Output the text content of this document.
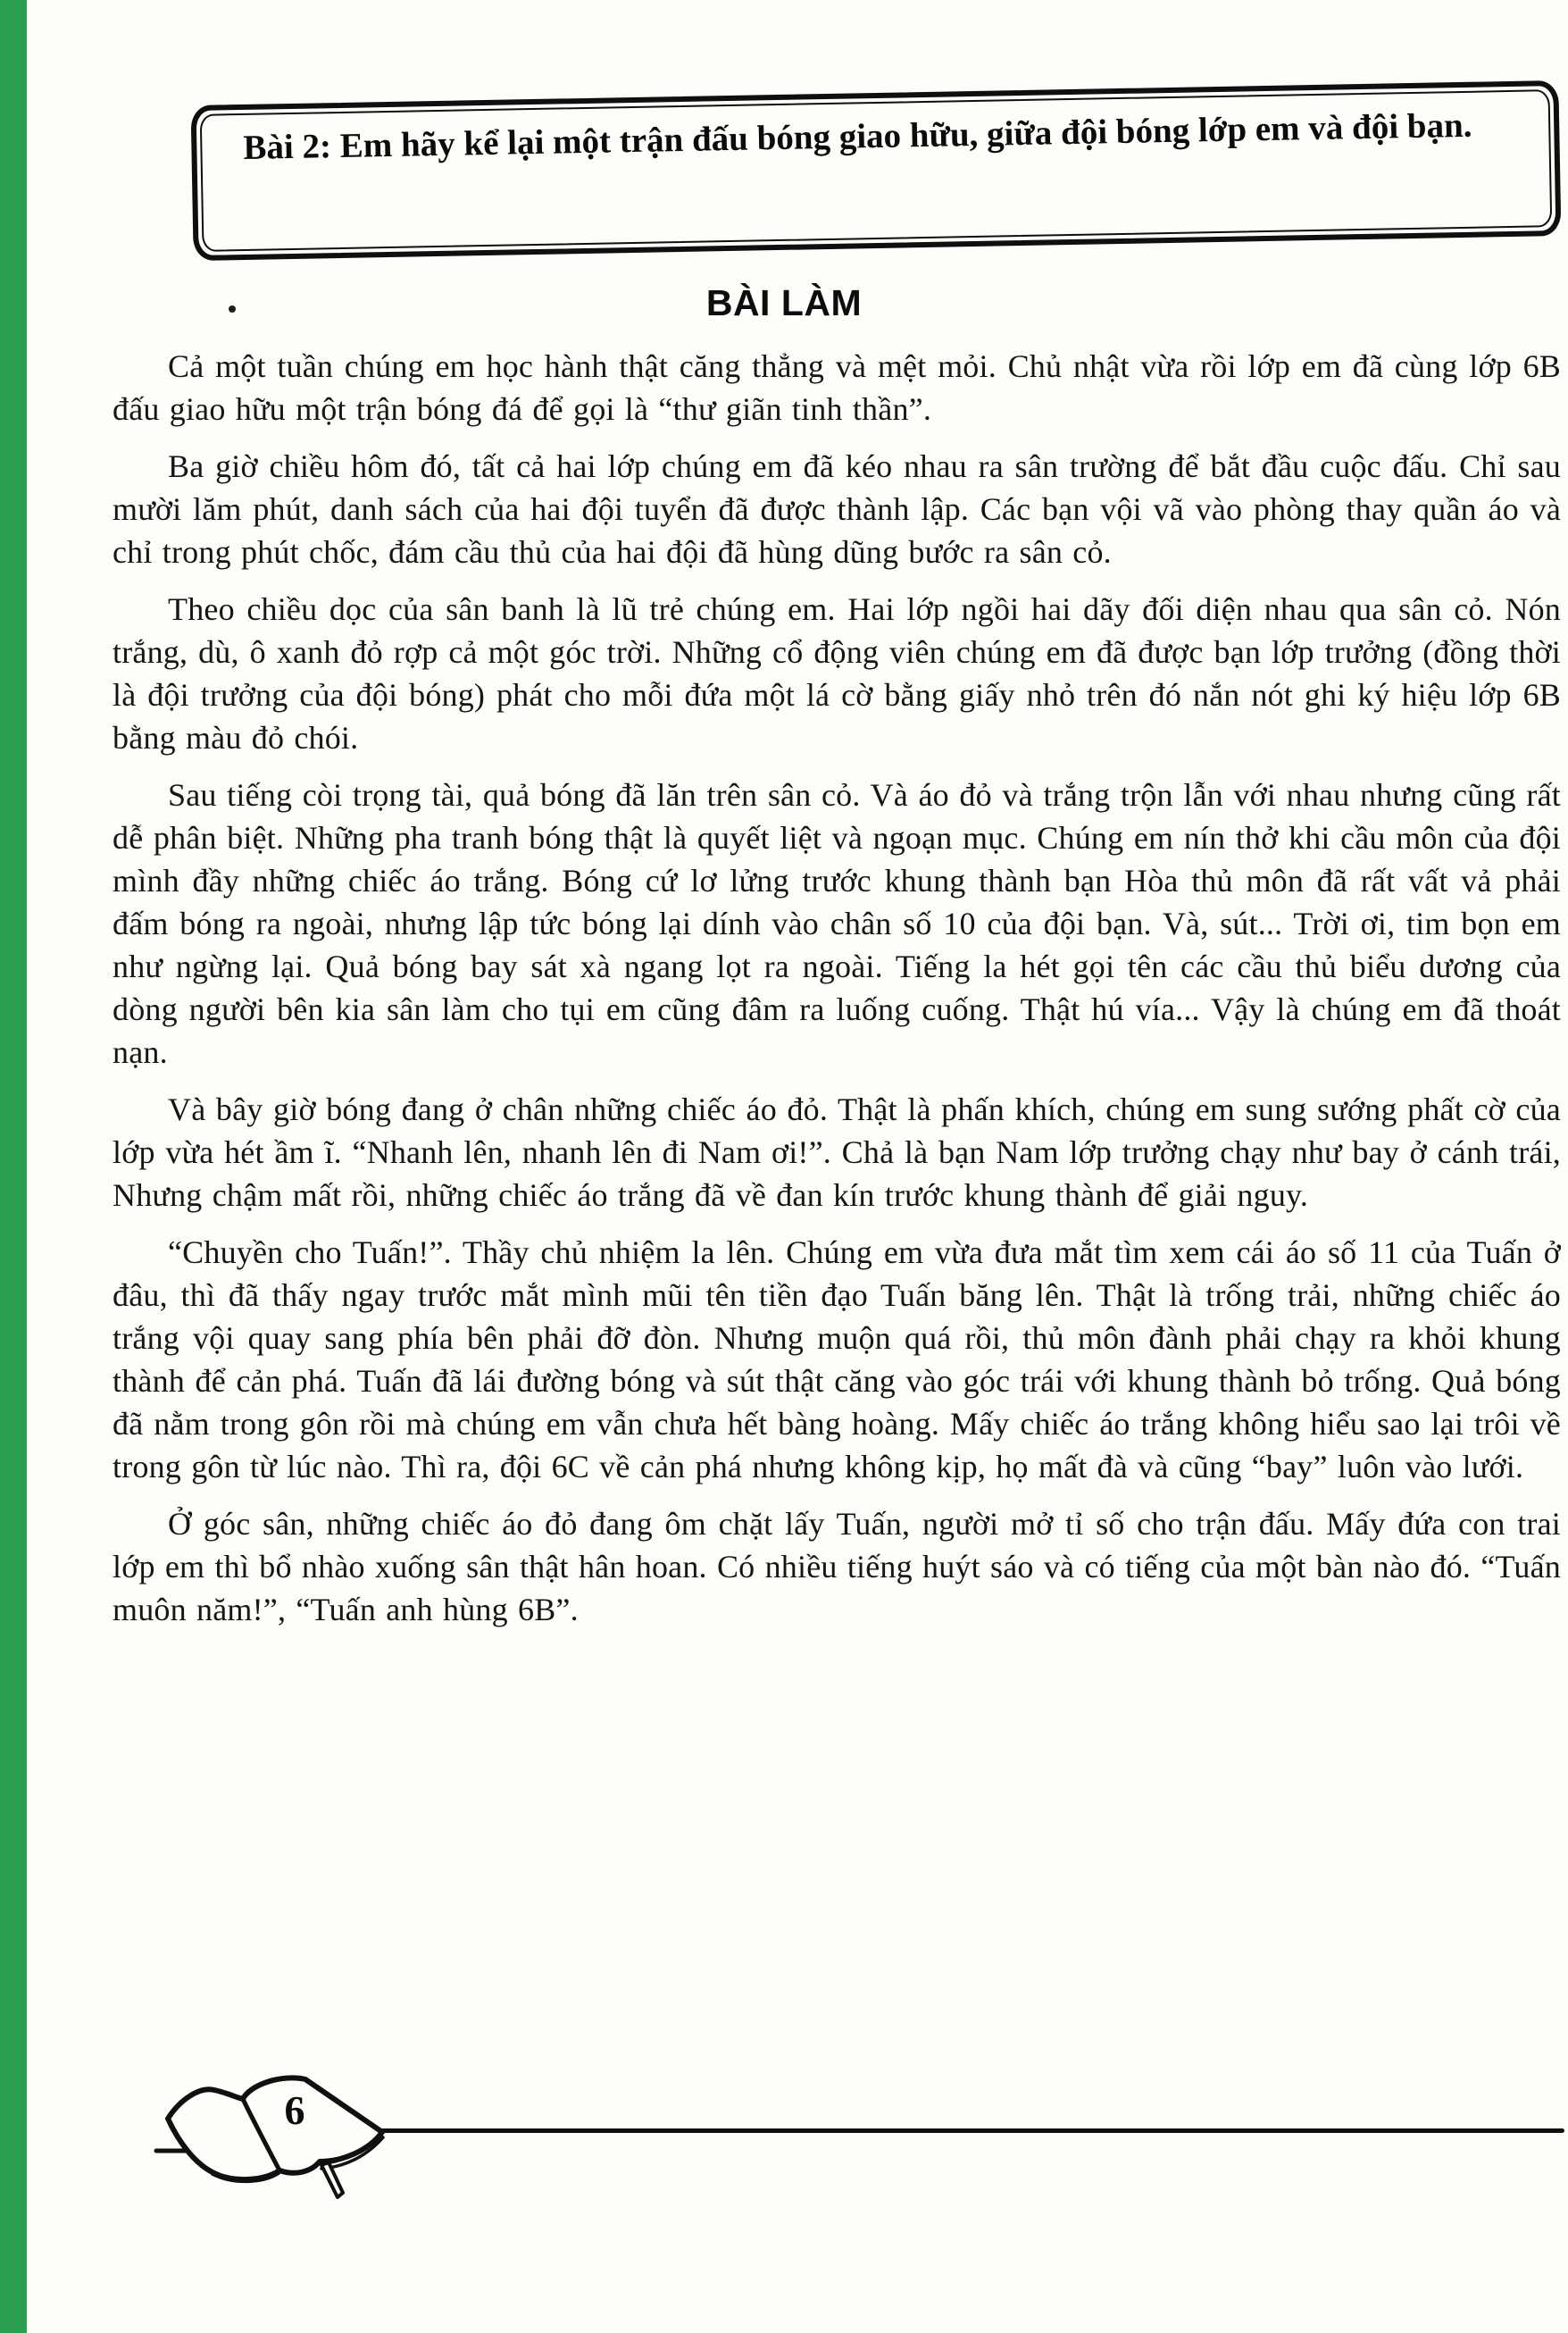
Bài 2: Em hãy kể lại một trận đấu bóng giao hữu, giữa đội bóng lớp em và đội bạn.
BÀI LÀM

Cả một tuần chúng em học hành thật căng thẳng và mệt mỏi. Chủ nhật vừa rồi lớp em đã cùng lớp 6B đấu giao hữu một trận bóng đá để gọi là “thư giãn tinh thần”.

Ba giờ chiều hôm đó, tất cả hai lớp chúng em đã kéo nhau ra sân trường để bắt đầu cuộc đấu. Chỉ sau mười lăm phút, danh sách của hai đội tuyển đã được thành lập. Các bạn vội vã vào phòng thay quần áo và chỉ trong phút chốc, đám cầu thủ của hai đội đã hùng dũng bước ra sân cỏ.

Theo chiều dọc của sân banh là lũ trẻ chúng em. Hai lớp ngồi hai dãy đối diện nhau qua sân cỏ. Nón trắng, dù, ô xanh đỏ rợp cả một góc trời. Những cổ động viên chúng em đã được bạn lớp trưởng (đồng thời là đội trưởng của đội bóng) phát cho mỗi đứa một lá cờ bằng giấy nhỏ trên đó nắn nót ghi ký hiệu lớp 6B bằng màu đỏ chói.

Sau tiếng còi trọng tài, quả bóng đã lăn trên sân cỏ. Và áo đỏ và trắng trộn lẫn với nhau nhưng cũng rất dễ phân biệt. Những pha tranh bóng thật là quyết liệt và ngoạn mục. Chúng em nín thở khi cầu môn của đội mình đầy những chiếc áo trắng. Bóng cứ lơ lửng trước khung thành bạn Hòa thủ môn đã rất vất vả phải đấm bóng ra ngoài, nhưng lập tức bóng lại dính vào chân số 10 của đội bạn. Và, sút... Trời ơi, tim bọn em như ngừng lại. Quả bóng bay sát xà ngang lọt ra ngoài. Tiếng la hét gọi tên các cầu thủ biểu dương của dòng người bên kia sân làm cho tụi em cũng đâm ra luống cuống. Thật hú vía... Vậy là chúng em đã thoát nạn.

Và bây giờ bóng đang ở chân những chiếc áo đỏ. Thật là phấn khích, chúng em sung sướng phất cờ của lớp vừa hét ầm ĩ. “Nhanh lên, nhanh lên đi Nam ơi!”. Chả là bạn Nam lớp trưởng chạy như bay ở cánh trái, Nhưng chậm mất rồi, những chiếc áo trắng đã về đan kín trước khung thành để giải nguy.

“Chuyền cho Tuấn!”. Thầy chủ nhiệm la lên. Chúng em vừa đưa mắt tìm xem cái áo số 11 của Tuấn ở đâu, thì đã thấy ngay trước mắt mình mũi tên tiền đạo Tuấn băng lên. Thật là trống trải, những chiếc áo trắng vội quay sang phía bên phải đỡ đòn. Nhưng muộn quá rồi, thủ môn đành phải chạy ra khỏi khung thành để cản phá. Tuấn đã lái đường bóng và sút thật căng vào góc trái với khung thành bỏ trống. Quả bóng đã nằm trong gôn rồi mà chúng em vẫn chưa hết bàng hoàng. Mấy chiếc áo trắng không hiểu sao lại trôi về trong gôn từ lúc nào. Thì ra, đội 6C về cản phá nhưng không kịp, họ mất đà và cũng “bay” luôn vào lưới.

Ở góc sân, những chiếc áo đỏ đang ôm chặt lấy Tuấn, người mở tỉ số cho trận đấu. Mấy đứa con trai lớp em thì bổ nhào xuống sân thật hân hoan. Có nhiều tiếng huýt sáo và có tiếng của một bàn nào đó. “Tuấn muôn năm!”, “Tuấn anh hùng 6B”.

6
